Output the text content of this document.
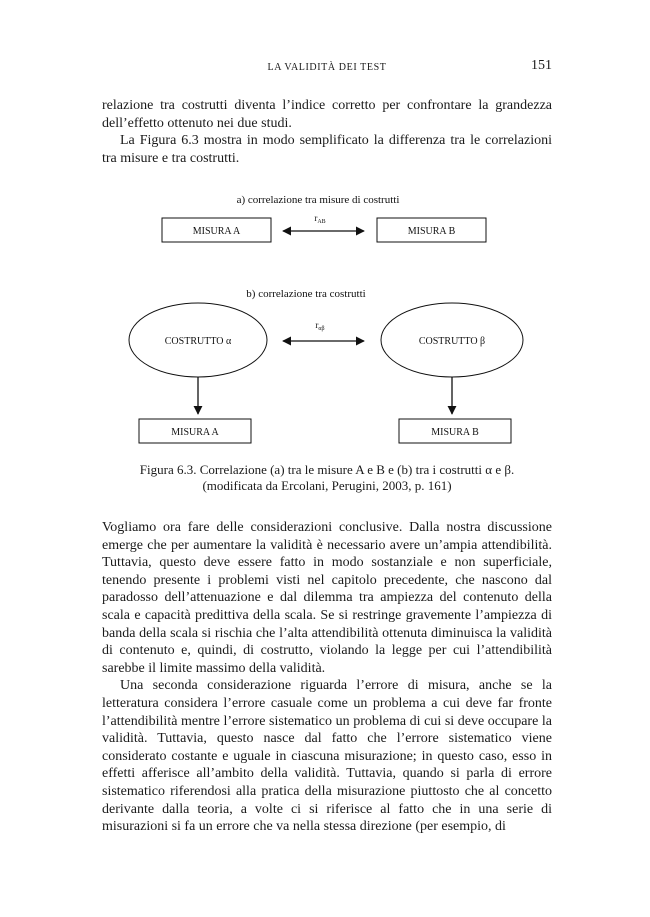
LA VALIDITÀ DEI TEST	151

relazione tra costrutti diventa l’indice corretto per confrontare la grandezza dell’effetto ottenuto nei due studi.

La Figura 6.3 mostra in modo semplificato la differenza tra le correlazioni tra misure e tra costrutti.

a) correlazione tra misure di costrutti
$r_{AB}$
MISURA A	MISURA B
b) correlazione tra costrutti
$r_{\alpha\beta}$
COSTRUTTO α	COSTRUTTO β
MISURA A	MISURA B
Figura 6.3. Correlazione (a) tra le misure A e B e (b) tra i costrutti α e β.
(modificata da Ercolani, Perugini, 2003, p. 161)

Vogliamo ora fare delle considerazioni conclusive. Dalla nostra discussione emerge che per aumentare la validità è necessario avere un’ampia attendibilità. Tuttavia, questo deve essere fatto in modo sostanziale e non superficiale, tenendo presente i problemi visti nel capitolo precedente, che nascono dal paradosso dell’attenuazione e dal dilemma tra ampiezza del contenuto della scala e capacità predittiva della scala. Se si restringe gravemente l’ampiezza di banda della scala si rischia che l’alta attendibilità ottenuta diminuisca la validità di contenuto e, quindi, di costrutto, violando la legge per cui l’attendibilità sarebbe il limite massimo della validità.

Una seconda considerazione riguarda l’errore di misura, anche se la letteratura considera l’errore casuale come un problema a cui deve far fronte l’attendibilità mentre l’errore sistematico un problema di cui si deve occupare la validità. Tuttavia, questo nasce dal fatto che l’errore sistematico viene considerato costante e uguale in ciascuna misurazione; in questo caso, esso in effetti afferisce all’ambito della validità. Tuttavia, quando si parla di errore sistematico riferendosi alla pratica della misurazione piuttosto che al concetto derivante dalla teoria, a volte ci si riferisce al fatto che in una serie di misurazioni si fa un errore che va nella stessa direzione (per esempio, di
